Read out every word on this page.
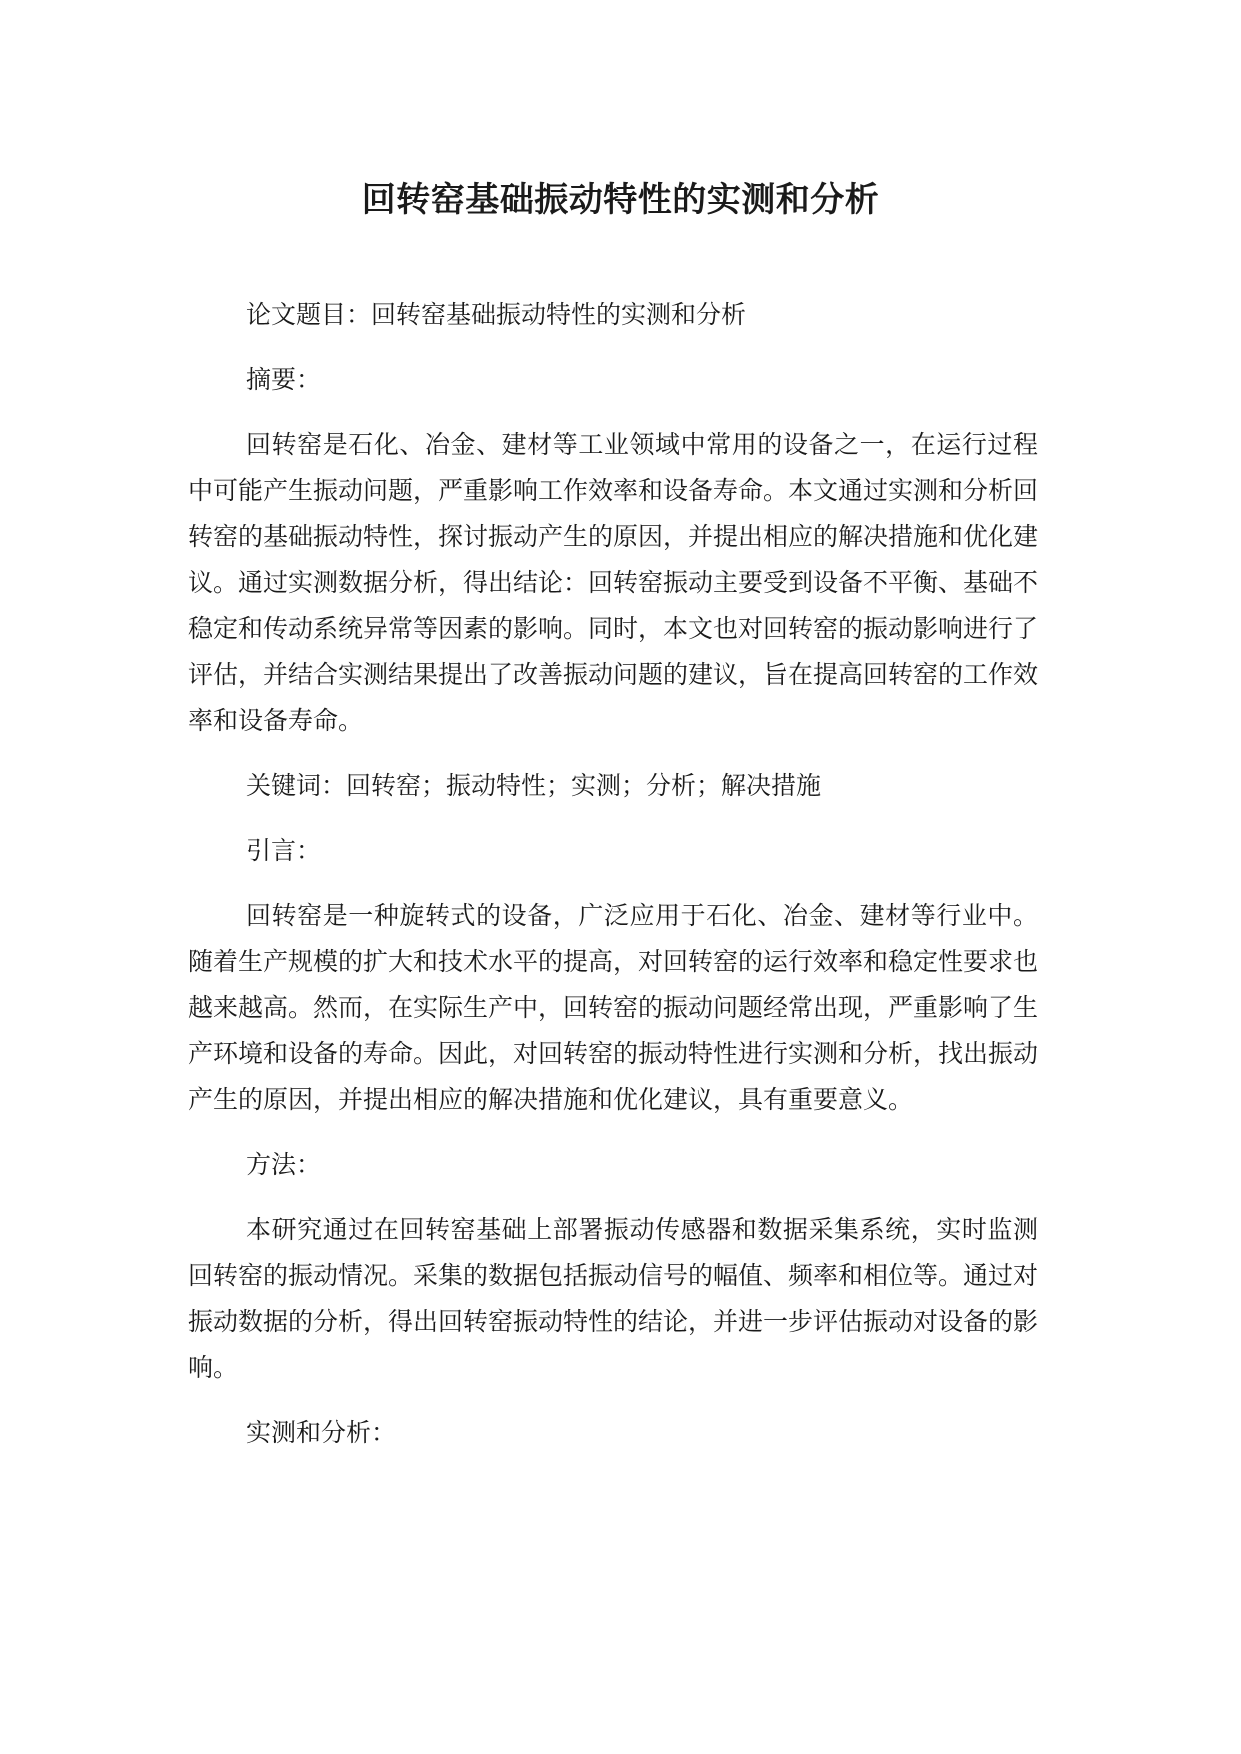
回转窑基础振动特性的实测和分析

论文题目：回转窑基础振动特性的实测和分析

摘要：

回转窑是石化、冶金、建材等工业领域中常用的设备之一，在运行过程中可能产生振动问题，严重影响工作效率和设备寿命。本文通过实测和分析回转窑的基础振动特性，探讨振动产生的原因，并提出相应的解决措施和优化建议。通过实测数据分析，得出结论：回转窑振动主要受到设备不平衡、基础不稳定和传动系统异常等因素的影响。同时，本文也对回转窑的振动影响进行了评估，并结合实测结果提出了改善振动问题的建议，旨在提高回转窑的工作效率和设备寿命。

关键词：回转窑；振动特性；实测；分析；解决措施

引言：

回转窑是一种旋转式的设备，广泛应用于石化、冶金、建材等行业中。随着生产规模的扩大和技术水平的提高，对回转窑的运行效率和稳定性要求也越来越高。然而，在实际生产中，回转窑的振动问题经常出现，严重影响了生产环境和设备的寿命。因此，对回转窑的振动特性进行实测和分析，找出振动产生的原因，并提出相应的解决措施和优化建议，具有重要意义。

方法：

本研究通过在回转窑基础上部署振动传感器和数据采集系统，实时监测回转窑的振动情况。采集的数据包括振动信号的幅值、频率和相位等。通过对振动数据的分析，得出回转窑振动特性的结论，并进一步评估振动对设备的影响。

实测和分析：
